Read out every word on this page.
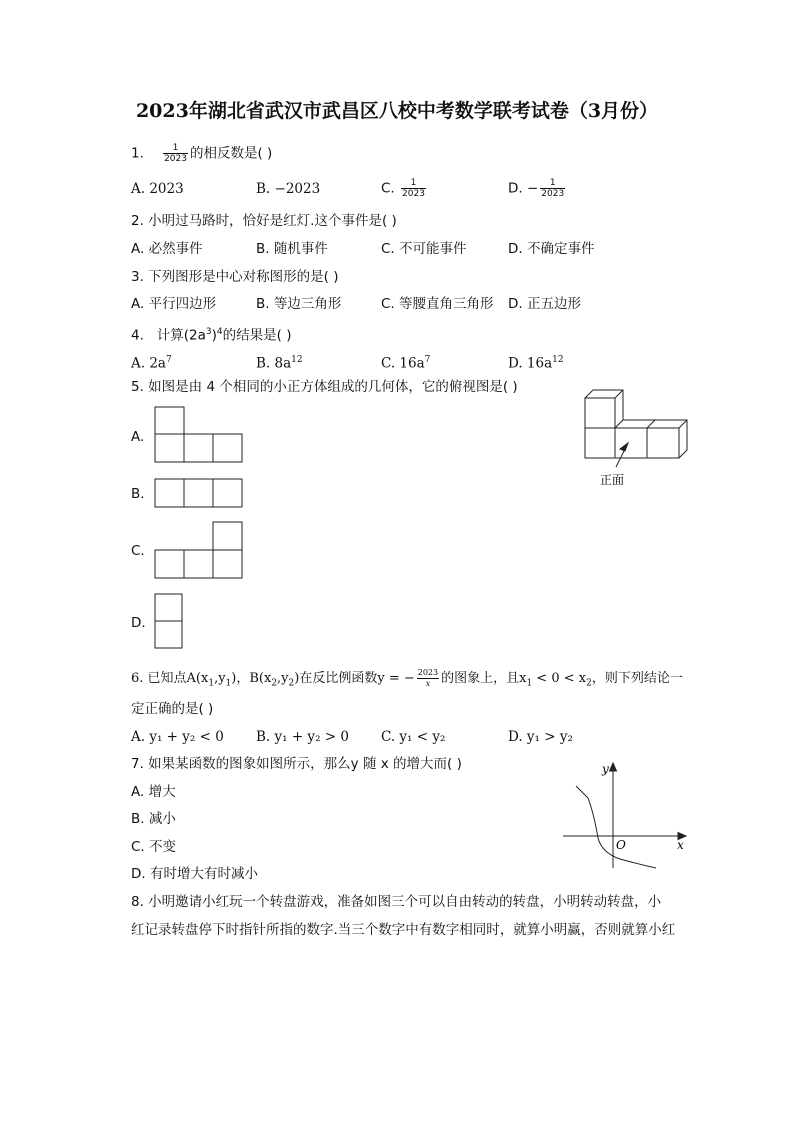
2023年湖北省武汉市武昌区八校中考数学联考试卷（3月份）
1. $\frac{1}{2023}$ 的相反数是( )
A. 2023	B. −2023	C. $\frac{1}{2023}$	D. − $\frac{1}{2023}$
2. 小明过马路时，恰好是红灯.这个事件是( )
A. 必然事件	B. 随机事件	C. 不可能事件	D. 不确定事件
3. 下列图形是中心对称图形的是( )
A. 平行四边形	B. 等边三角形	C. 等腰直角三角形 D. 正五边形
4. 计算$(2a^3)^4$的结果是( )
A. $2a^7$	B. $8a^{12}$	C. $16a^7$	D. $16a^{12}$
5. 如图是由 4 个相同的小正方体组成的几何体，它的俯视图是( )
正面
A.
B.
C.
D.
6. 已知点$A(x_1,y_1)$，$B(x_2,y_2)$在反比例函数y = − $\frac{2023}{x}$ 的图象上，且$x_1 < 0 < x_2$，则下列结论一
定正确的是( )
A. y₁ + y₂ < 0 B. y₁ + y₂ > 0 C. y₁ < y₂	D. y₁ > y₂
7. 如果某函数的图象如图所示，那么y 随 x 的增大而( )
A. 增大
B. 减小
C. 不变
D. 有时增大有时减小
y
x
O
8. 小明邀请小红玩一个转盘游戏，准备如图三个可以自由转动的转盘，小明转动转盘，小
红记录转盘停下时指针所指的数字.当三个数字中有数字相同时，就算小明赢，否则就算小红
